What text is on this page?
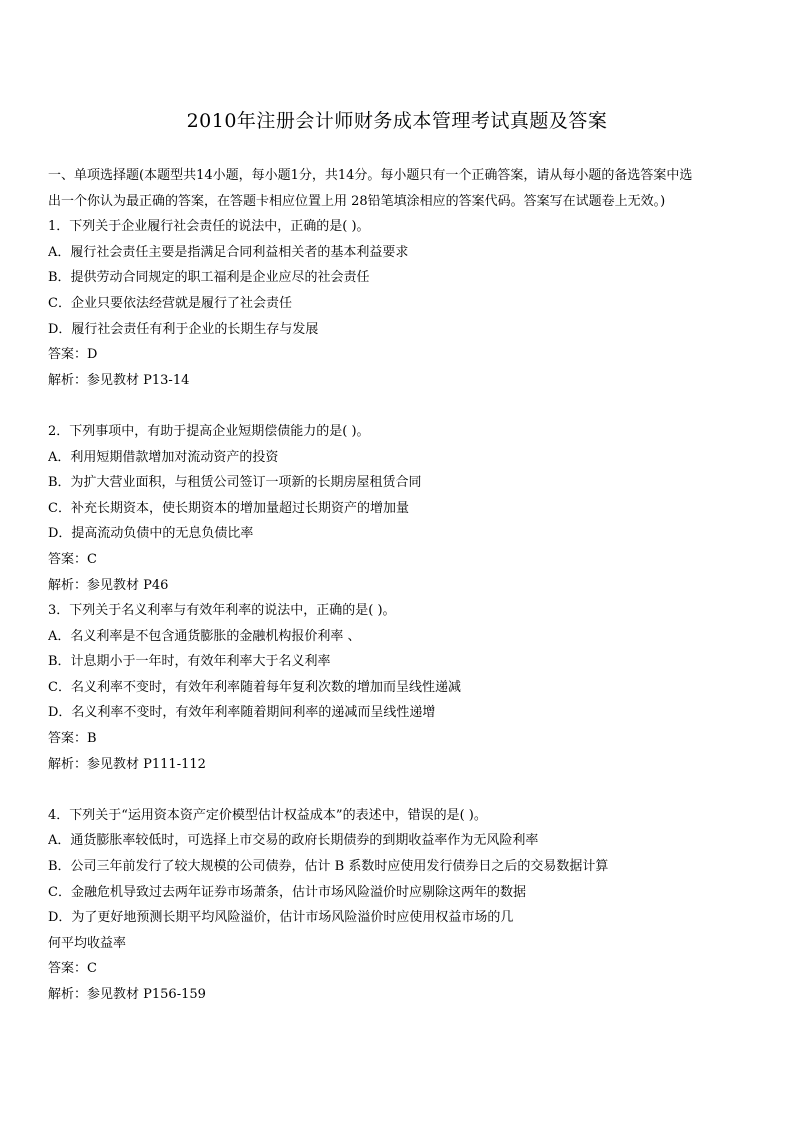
2010年注册会计师财务成本管理考试真题及答案
一、单项选择题(本题型共14小题，每小题1分，共14分。每小题只有一个正确答案，请从每小题的备选答案中选
出一个你认为最正确的答案，在答题卡相应位置上用 28铅笔填涂相应的答案代码。答案写在试题卷上无效。)
1．下列关于企业履行社会责任的说法中，正确的是( )。
A．履行社会责任主要是指满足合同利益相关者的基本利益要求
B．提供劳动合同规定的职工福利是企业应尽的社会责任
C．企业只要依法经营就是履行了社会责任
D．履行社会责任有利于企业的长期生存与发展
答案：D
解析：参见教材 P13-14
2．下列事项中，有助于提高企业短期偿债能力的是( )。
A．利用短期借款增加对流动资产的投资
B．为扩大营业面积，与租赁公司签订一项新的长期房屋租赁合同
C．补充长期资本，使长期资本的增加量超过长期资产的增加量
D．提高流动负债中的无息负债比率
答案：C
解析：参见教材 P46
3．下列关于名义利率与有效年利率的说法中，正确的是( )。
A．名义利率是不包含通货膨胀的金融机构报价利率 、
B．计息期小于一年时，有效年利率大于名义利率
C．名义利率不变时，有效年利率随着每年复利次数的增加而呈线性递减
D．名义利率不变时，有效年利率随着期间利率的递减而呈线性递增
答案：B
解析：参见教材 P111-112
4．下列关于“运用资本资产定价模型估计权益成本”的表述中，错误的是( )。
A．通货膨胀率较低时，可选择上市交易的政府长期债券的到期收益率作为无风险利率
B．公司三年前发行了较大规模的公司债券，估计 B 系数时应使用发行债券日之后的交易数据计算
C．金融危机导致过去两年证券市场萧条，估计市场风险溢价时应剔除这两年的数据
D．为了更好地预测长期平均风险溢价，估计市场风险溢价时应使用权益市场的几
何平均收益率
答案：C
解析：参见教材 P156-159
